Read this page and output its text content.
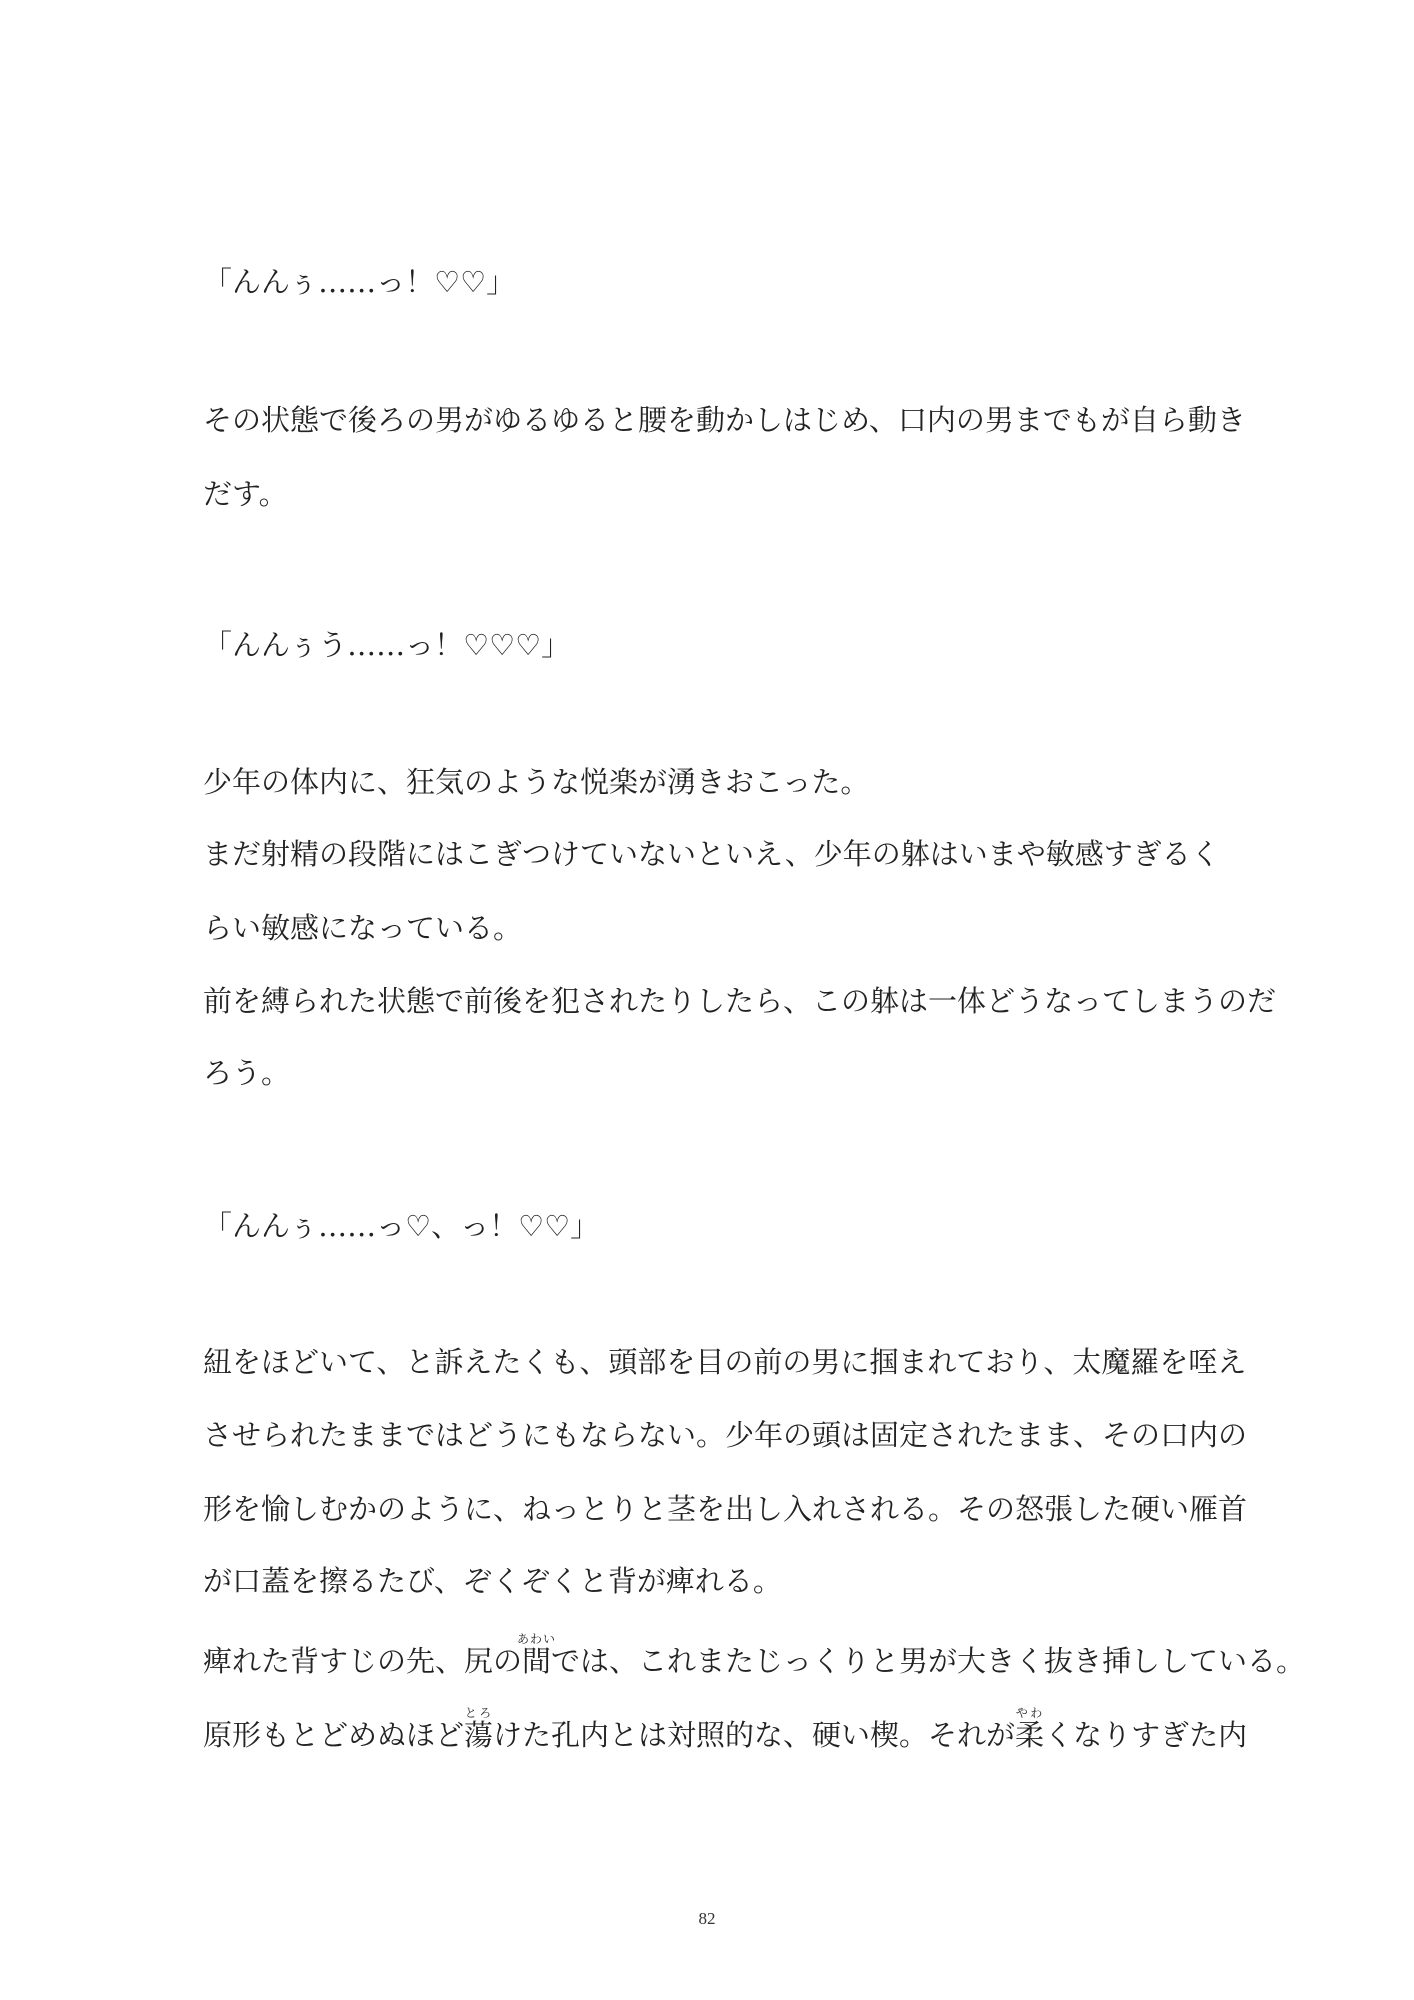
「んんぅ……っ！♡♡」
その状態で後ろの男がゆるゆると腰を動かしはじめ、口内の男までもが自ら動き
だす。
「んんぅう……っ！♡♡♡」
少年の体内に、狂気のような悦楽が湧きおこった。
まだ射精の段階にはこぎつけていないといえ、少年の躰はいまや敏感すぎるく
らい敏感になっている。
前を縛られた状態で前後を犯されたりしたら、この躰は一体どうなってしまうのだ
ろう。
「んんぅ……っ♡、っ！♡♡」
紐をほどいて、と訴えたくも、頭部を目の前の男に掴まれており、太魔羅を咥え
させられたままではどうにもならない。少年の頭は固定されたまま、その口内の
形を愉しむかのように、ねっとりと茎を出し入れされる。その怒張した硬い雁首
が口蓋を擦るたび、ぞくぞくと背が痺れる。
痺れた背すじの先、尻の間あわいでは、これまたじっくりと男が大きく抜き挿ししている。
原形もとどめぬほど蕩とろけた孔内とは対照的な、硬い楔。それが柔やわくなりすぎた内
82
